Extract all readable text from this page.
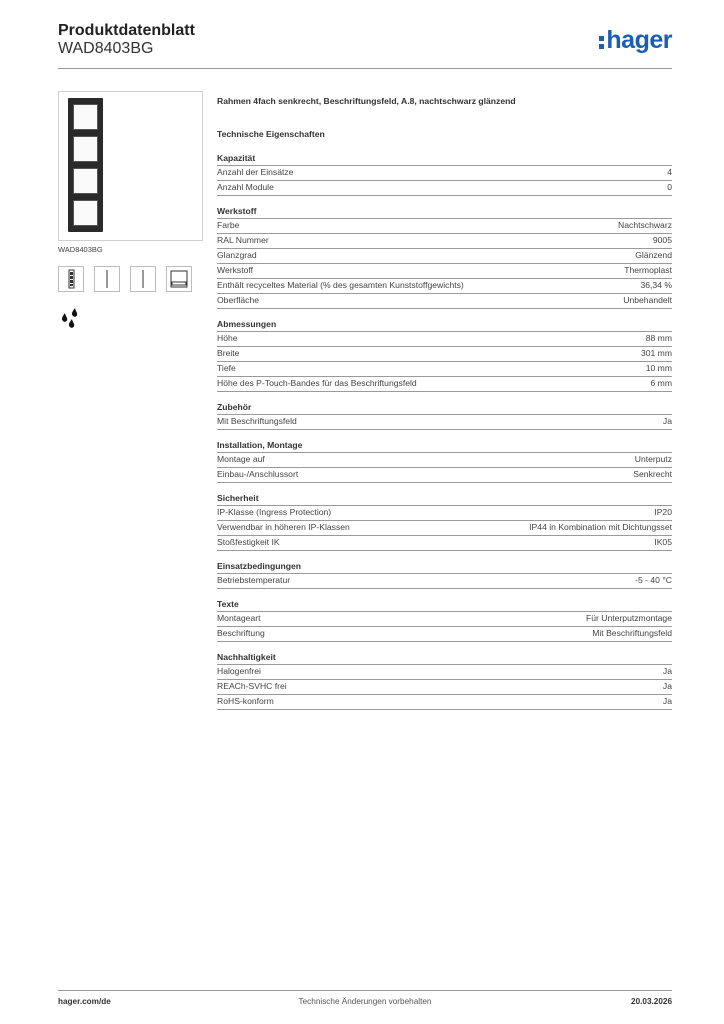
Produktdatenblatt
WAD8403BG	hager
WAD8403BG
Rahmen 4fach senkrecht, Beschriftungsfeld, A.8, nachtschwarz glänzend
Technische Eigenschaften
Kapazität
Anzahl der Einsätze	4
Anzahl Module	0
Werkstoff
Farbe	Nachtschwarz
RAL Nummer	9005
Glanzgrad	Glänzend
Werkstoff	Thermoplast
Enthält recyceltes Material (% des gesamten Kunststoffgewichts)	36,34 %
Oberfläche	Unbehandelt
Abmessungen
Höhe	88 mm
Breite	301 mm
Tiefe	10 mm
Höhe des P-Touch-Bandes für das Beschriftungsfeld	6 mm
Zubehör
Mit Beschriftungsfeld	Ja
Installation, Montage
Montage auf	Unterputz
Einbau-/Anschlussort	Senkrecht
Sicherheit
IP-Klasse (Ingress Protection)	IP20
Verwendbar in höheren IP-Klassen	IP44 in Kombination mit Dichtungsset
Stoßfestigkeit IK	IK05
Einsatzbedingungen
Betriebstemperatur	-5 - 40 °C
Texte
Montageart	Für Unterputzmontage
Beschriftung	Mit Beschriftungsfeld
Nachhaltigkeit
Halogenfrei	Ja
REACh-SVHC frei	Ja
RoHS-konform	Ja
hager.com/de	Technische Änderungen vorbehalten	20.03.2026
